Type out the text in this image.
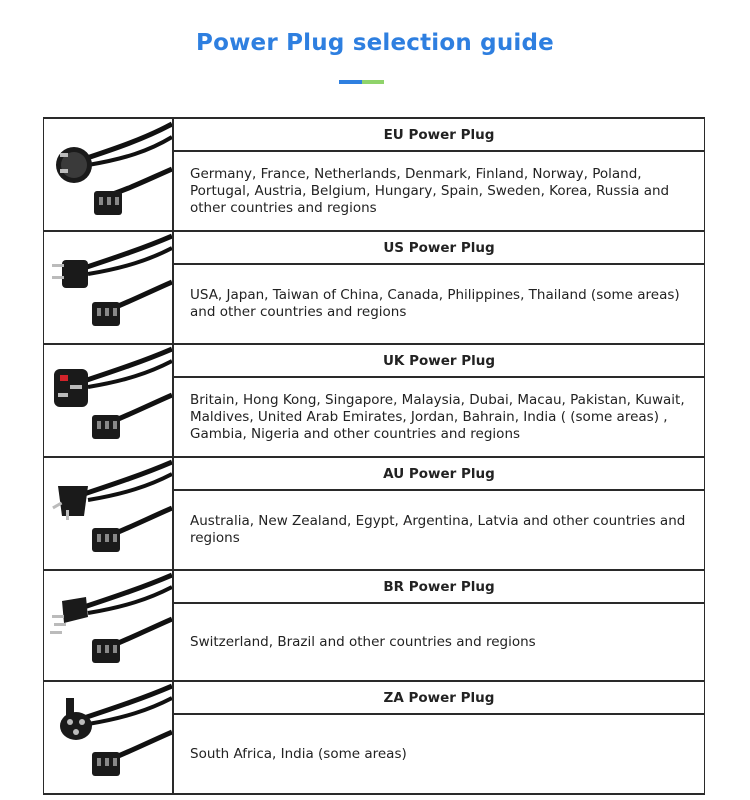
Power Plug selection guide
EU Power Plug
Germany, France, Netherlands, Denmark, Finland, Norway, Poland, Portugal, Austria, Belgium, Hungary, Spain, Sweden, Korea, Russia and other countries and regions
US Power Plug
USA, Japan, Taiwan of China, Canada, Philippines, Thailand (some areas) and other countries and regions
UK Power Plug
Britain, Hong Kong, Singapore, Malaysia, Dubai, Macau, Pakistan, Kuwait, Maldives, United Arab Emirates, Jordan, Bahrain, India ( (some areas) , Gambia, Nigeria and other countries and regions
AU Power Plug
Australia, New Zealand, Egypt, Argentina, Latvia and other countries and regions
BR Power Plug
Switzerland, Brazil and other countries and regions
ZA Power Plug
South Africa, India (some areas)
